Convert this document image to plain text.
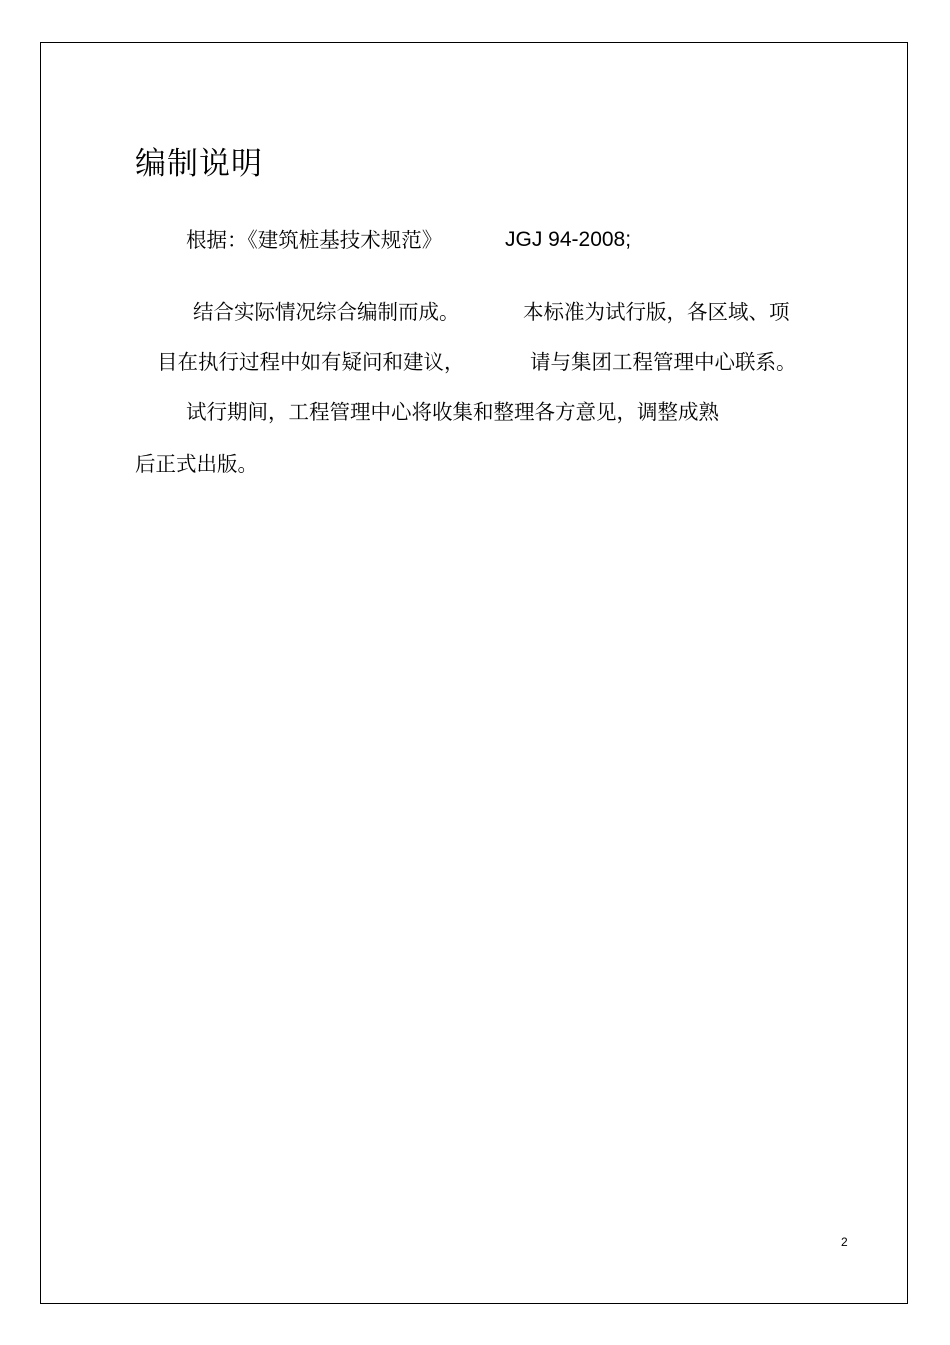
编制说明
根据：《建筑桩基技术规范》	JGJ 94-2008;
结合实际情况综合编制而成。	本标准为试行版，各区域、项
目在执行过程中如有疑问和建议，	请与集团工程管理中心联系。
试行期间，工程管理中心将收集和整理各方意见，调整成熟
后正式出版。
2
